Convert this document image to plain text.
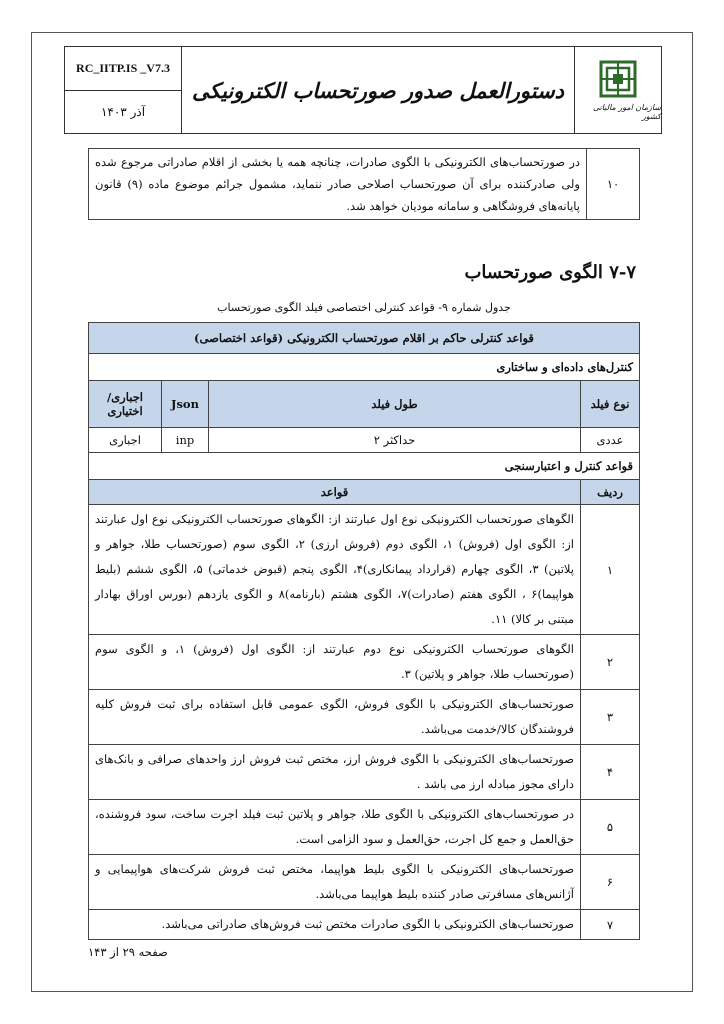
RC_IITP.IS _V7.3
آذر ۱۴۰۳
دستورالعمل صدور صورتحساب الکترونیکی
سازمان امور مالیاتی کشور
۱۰	در صورتحساب‌های الکترونیکی با الگوی صادرات، چنانچه همه یا بخشی از اقلام صادراتی مرجوع شده ولی صادرکننده برای آن صورتحساب اصلاحی صادر ننماید، مشمول جرائم موضوع ماده (۹) قانون پایانه‌های فروشگاهی و سامانه مودیان خواهد شد.
۷-۷ الگوی صورتحساب
جدول شماره ۹- قواعد کنترلی اختصاصی فیلد الگوی صورتحساب
قواعد کنترلی حاکم بر اقلام صورتحساب الکترونیکی (قواعد اختصاصی)			
کنترل‌های داده‌ای و ساختاری			
نوع فیلد	طول فیلد	Json	اجباری/ اختیاری
عددی	حداکثر ۲	inp	اجباری
قواعد کنترل و اعتبارسنجی			
ردیف	قواعد		
۱	الگوهای صورتحساب الکترونیکی نوع اول عبارتند از: الگوهای صورتحساب الکترونیکی نوع اول عبارتند از: الگوی اول (فروش) ۱، الگوی دوم (فروش ارزی) ۲، الگوی سوم (صورتحساب طلا، جواهر و پلاتین) ۳، الگوی چهارم (قرارداد پیمانکاری)۴، الگوی پنجم (قبوض خدماتی) ۵، الگوی ششم (بلیط هواپیما)۶ ، الگوی هفتم (صادرات)۷، الگوی هشتم (بارنامه)۸ و الگوی یازدهم (بورس اوراق بهادار مبتنی بر کالا) ۱۱.		
۲	الگوهای صورتحساب الکترونیکی نوع دوم عبارتند از: الگوی اول (فروش) ۱، و الگوی سوم (صورتحساب طلا، جواهر و پلاتین) ۳.		
۳	صورتحساب‌های الکترونیکی با الگوی فروش، الگوی عمومی قابل استفاده برای ثبت فروش کلیه فروشندگان کالا/خدمت می‌باشد.		
۴	صورتحساب‌های الکترونیکی با الگوی فروش ارز، مختص ثبت فروش ارز واحدهای صرافی و بانک‌های دارای مجوز مبادله ارز می باشد .		
۵	در صورتحساب‌های الکترونیکی با الگوی طلا، جواهر و پلاتین ثبت فیلد اجرت ساخت، سود فروشنده، حق‌العمل و جمع کل اجرت، حق‌العمل و سود الزامی است.		
۶	صورتحساب‌های الکترونیکی با الگوی بلیط هواپیما، مختص ثبت فروش شرکت‌های هواپیمایی و آژانس‌های مسافرتی صادر کننده بلیط هواپیما می‌باشد.		
۷	صورتحساب‌های الکترونیکی با الگوی صادرات مختص ثبت فروش‌های صادراتی می‌باشد.		
صفحه ۲۹ از ۱۴۳
